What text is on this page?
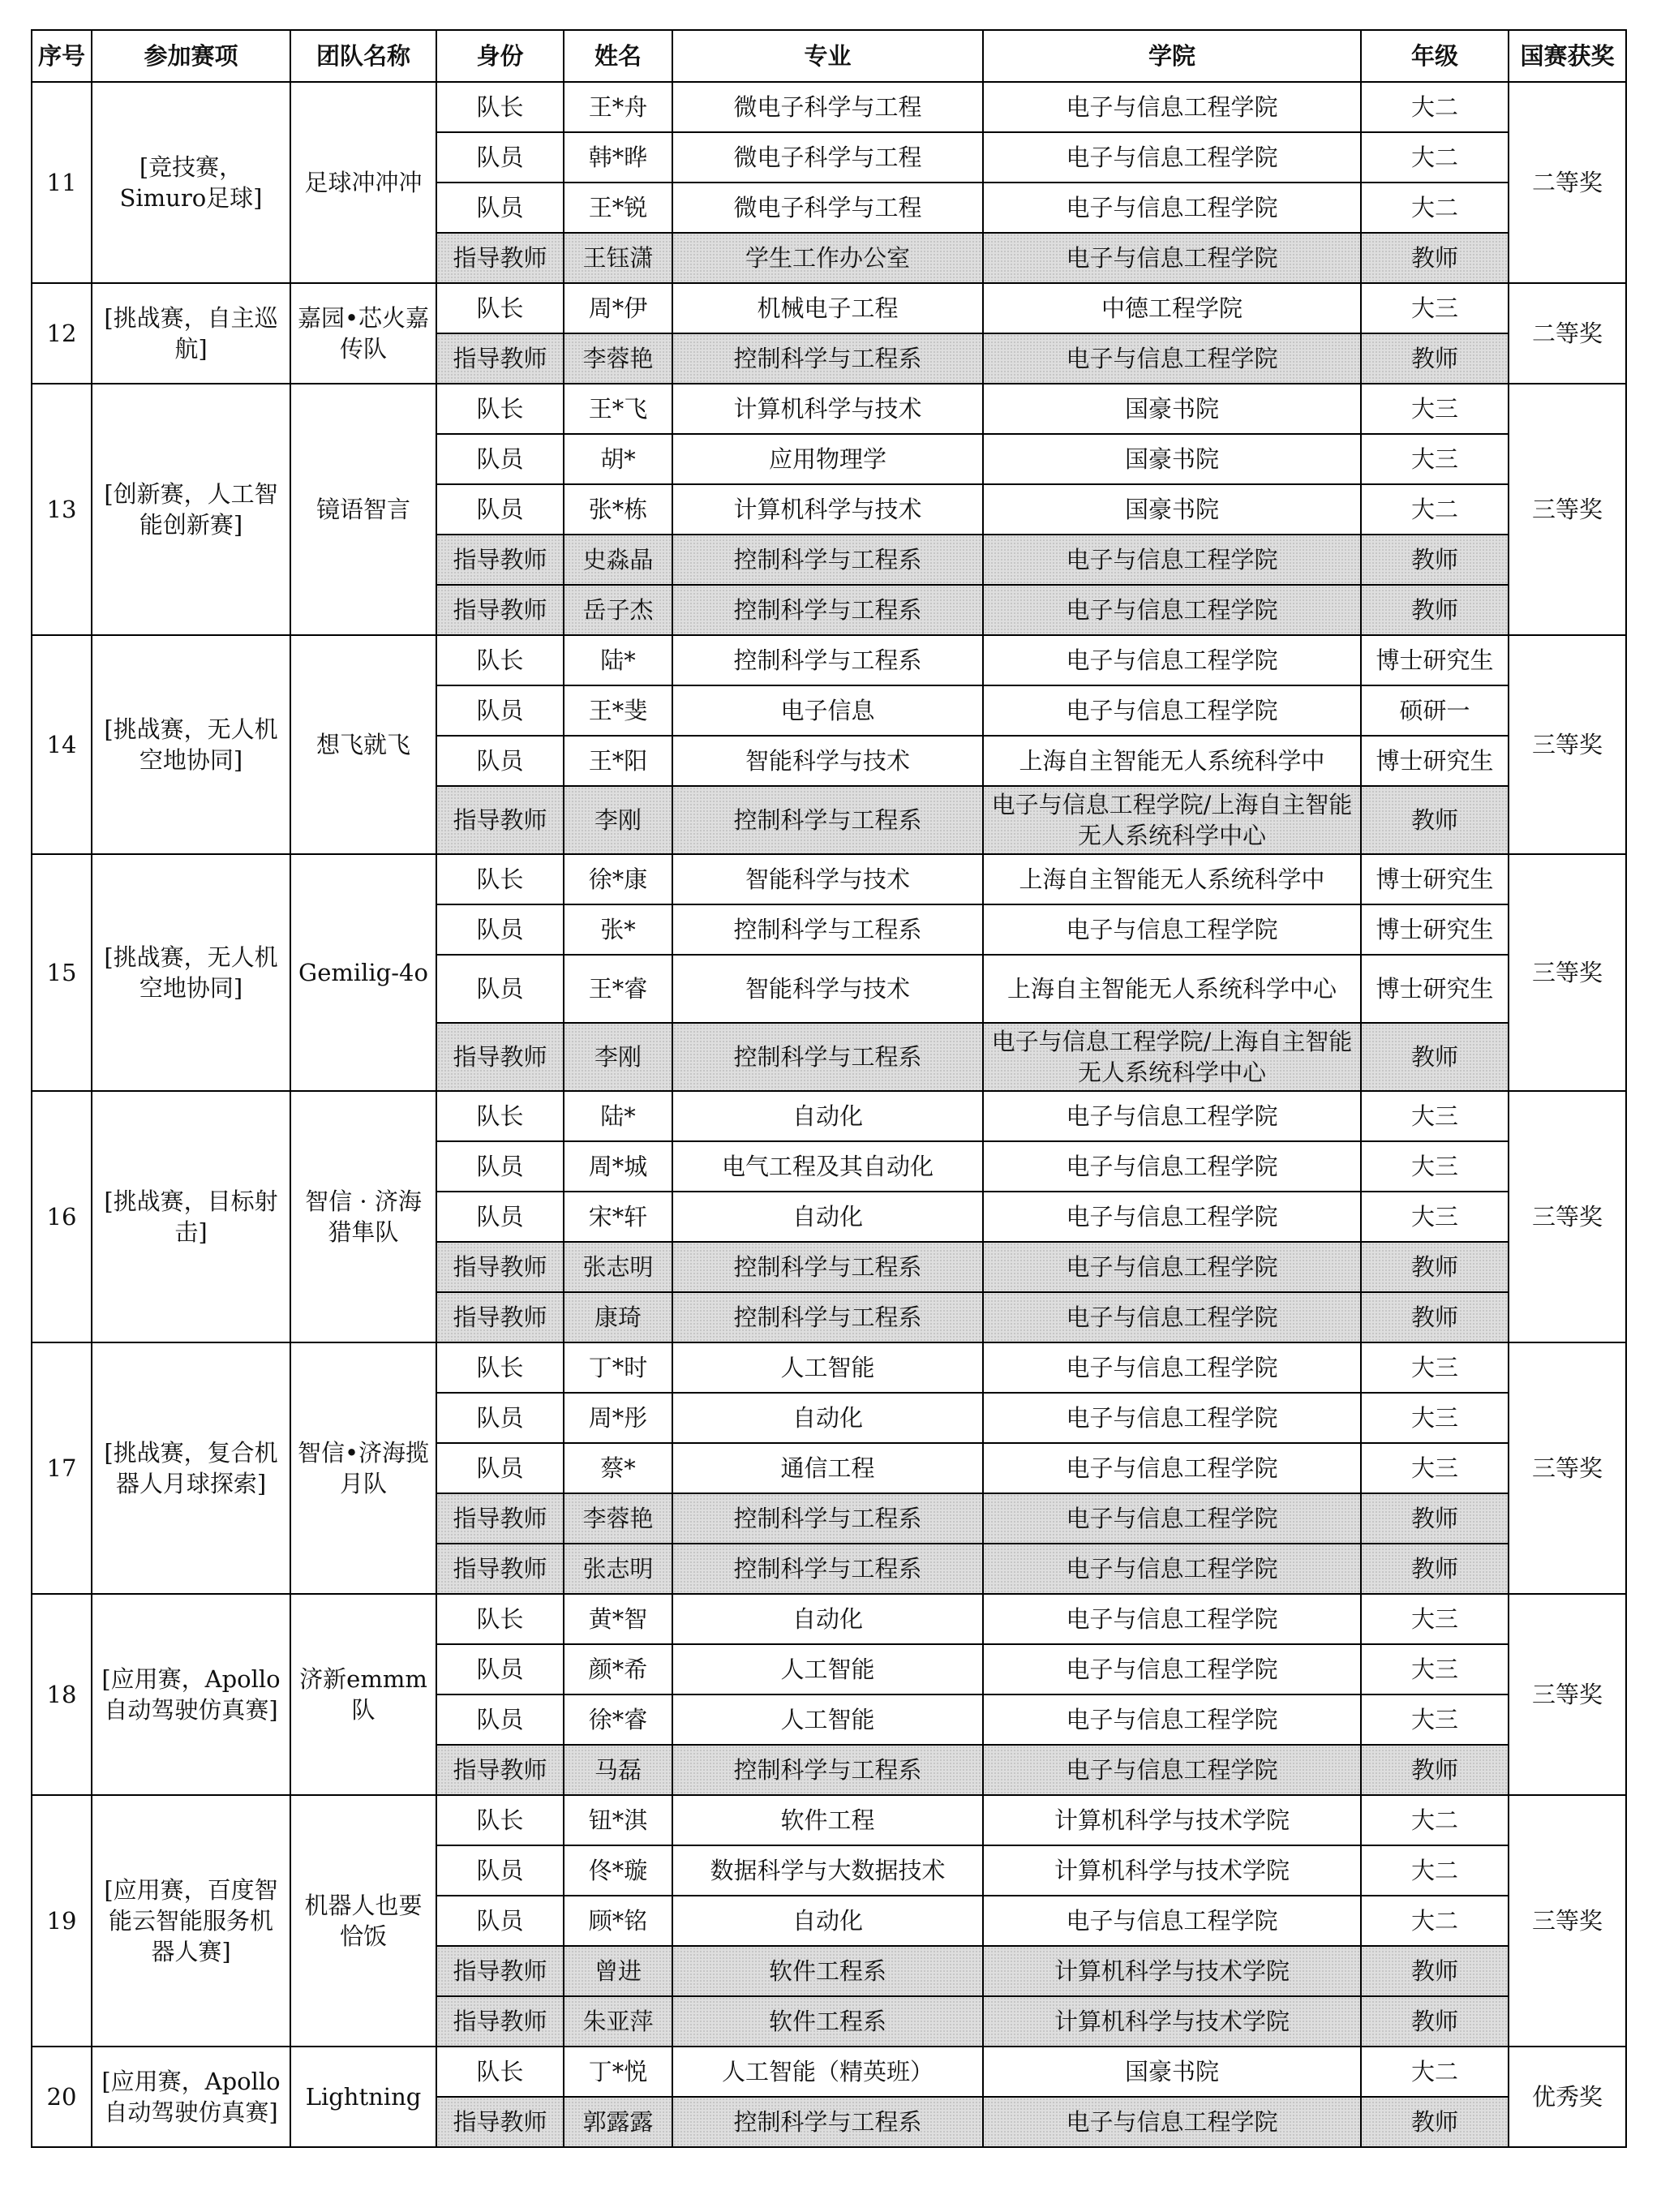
序号	参加赛项	团队名称	身份	姓名	专业	学院	年级	国赛获奖
11	[竞技赛，Simuro足球]	足球冲冲冲	队长	王*舟	微电子科学与工程	电子与信息工程学院	大二	二等奖
			队员	韩*晔	微电子科学与工程	电子与信息工程学院	大二	
			队员	王*锐	微电子科学与工程	电子与信息工程学院	大二	
			指导教师	王钰潇	学生工作办公室	电子与信息工程学院	教师	
12	[挑战赛，自主巡航]	嘉园•芯火嘉传队	队长	周*伊	机械电子工程	中德工程学院	大三	二等奖
			指导教师	李蓉艳	控制科学与工程系	电子与信息工程学院	教师	
13	[创新赛，人工智能创新赛]	镜语智言	队长	王*飞	计算机科学与技术	国豪书院	大三	三等奖
			队员	胡*	应用物理学	国豪书院	大三	
			队员	张*栋	计算机科学与技术	国豪书院	大二	
			指导教师	史淼晶	控制科学与工程系	电子与信息工程学院	教师	
			指导教师	岳子杰	控制科学与工程系	电子与信息工程学院	教师	
14	[挑战赛，无人机空地协同]	想飞就飞	队长	陆*	控制科学与工程系	电子与信息工程学院	博士研究生	三等奖
			队员	王*斐	电子信息	电子与信息工程学院	硕研一	
			队员	王*阳	智能科学与技术	上海自主智能无人系统科学中	博士研究生	
			指导教师	李刚	控制科学与工程系	电子与信息工程学院/上海自主智能无人系统科学中心	教师	
15	[挑战赛，无人机空地协同]	Gemilig-4o	队长	徐*康	智能科学与技术	上海自主智能无人系统科学中	博士研究生	三等奖
			队员	张*	控制科学与工程系	电子与信息工程学院	博士研究生	
			队员	王*睿	智能科学与技术	上海自主智能无人系统科学中心	博士研究生	
			指导教师	李刚	控制科学与工程系	电子与信息工程学院/上海自主智能无人系统科学中心	教师	
16	[挑战赛，目标射击]	智信 · 济海猎隼队	队长	陆*	自动化	电子与信息工程学院	大三	三等奖
			队员	周*城	电气工程及其自动化	电子与信息工程学院	大三	
			队员	宋*轩	自动化	电子与信息工程学院	大三	
			指导教师	张志明	控制科学与工程系	电子与信息工程学院	教师	
			指导教师	康琦	控制科学与工程系	电子与信息工程学院	教师	
17	[挑战赛，复合机器人月球探索]	智信•济海揽月队	队长	丁*时	人工智能	电子与信息工程学院	大三	三等奖
			队员	周*彤	自动化	电子与信息工程学院	大三	
			队员	蔡*	通信工程	电子与信息工程学院	大三	
			指导教师	李蓉艳	控制科学与工程系	电子与信息工程学院	教师	
			指导教师	张志明	控制科学与工程系	电子与信息工程学院	教师	
18	[应用赛，Apollo自动驾驶仿真赛]	济新emmm队	队长	黄*智	自动化	电子与信息工程学院	大三	三等奖
			队员	颜*希	人工智能	电子与信息工程学院	大三	
			队员	徐*睿	人工智能	电子与信息工程学院	大三	
			指导教师	马磊	控制科学与工程系	电子与信息工程学院	教师	
19	[应用赛，百度智能云智能服务机器人赛]	机器人也要恰饭	队长	钮*淇	软件工程	计算机科学与技术学院	大二	三等奖
			队员	佟*璇	数据科学与大数据技术	计算机科学与技术学院	大二	
			队员	顾*铭	自动化	电子与信息工程学院	大二	
			指导教师	曾进	软件工程系	计算机科学与技术学院	教师	
			指导教师	朱亚萍	软件工程系	计算机科学与技术学院	教师	
20	[应用赛，Apollo自动驾驶仿真赛]	Lightning	队长	丁*悦	人工智能（精英班）	国豪书院	大二	优秀奖
			指导教师	郭露露	控制科学与工程系	电子与信息工程学院	教师	
